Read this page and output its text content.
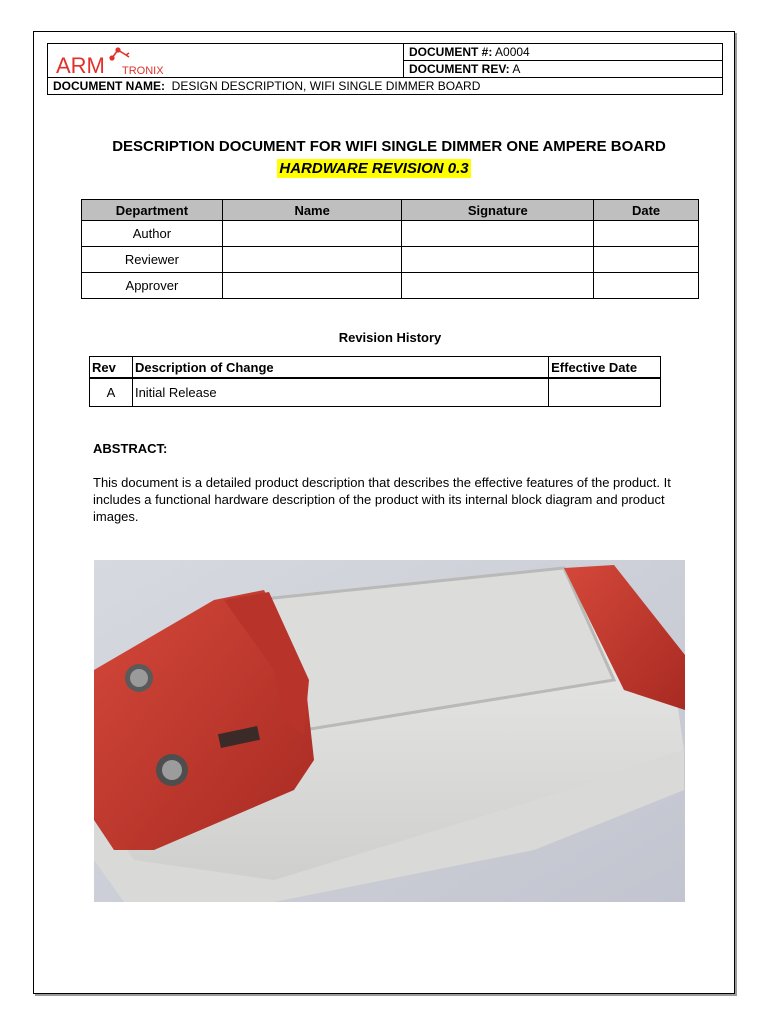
ARM TRONIX
DOCUMENT #: A0004
DOCUMENT REV: A
DOCUMENT NAME: DESIGN DESCRIPTION, WIFI SINGLE DIMMER BOARD
DESCRIPTION DOCUMENT FOR WIFI SINGLE DIMMER ONE AMPERE BOARD
HARDWARE REVISION 0.3
Department	Name	Signature	Date
Author			
Reviewer			
Approver			
Revision History
Rev	Description of Change	Effective Date
A	Initial Release	
ABSTRACT:
This document is a detailed product description that describes the effective features of the product. It includes a functional hardware description of the product with its internal block diagram and product images.
